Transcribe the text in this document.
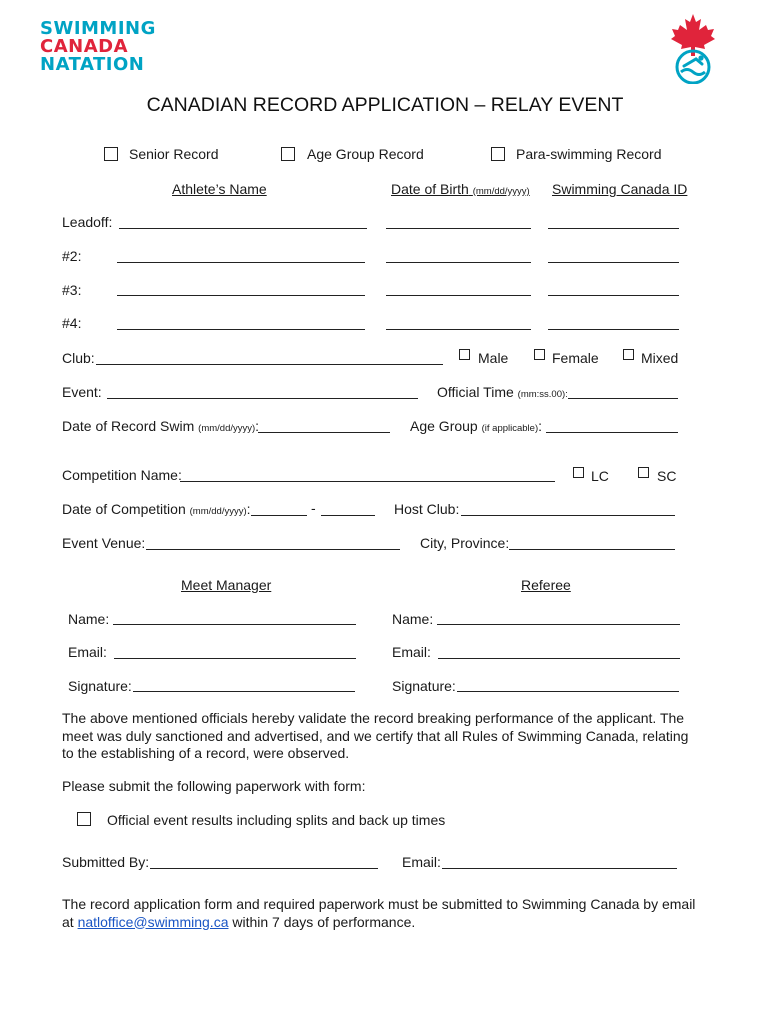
SWIMMING
CANADA
NATATION
CANADIAN RECORD APPLICATION – RELAY EVENT
Senior Record	Age Group Record	Para-swimming Record
Athlete’s Name	Date of Birth (mm/dd/yyyy) Swimming Canada ID
Leadoff:
#2:
#3:
#4:
Club:	Male	Female	Mixed
Event:	Official Time (mm:ss.00):
Date of Record Swim (mm/dd/yyyy):	Age Group (if applicable):
Competition Name:	LC	SC
Date of Competition (mm/dd/yyyy):	-	Host Club:
Event Venue:	City, Province:
Meet Manager	Referee
Name:	Name:
Email:	Email:
Signature:	Signature:
The above mentioned officials hereby validate the record breaking performance of the applicant. The meet was duly sanctioned and advertised, and we certify that all Rules of Swimming Canada, relating to the establishing of a record, were observed.
Please submit the following paperwork with form:
Official event results including splits and back up times
Submitted By:	Email:
The record application form and required paperwork must be submitted to Swimming Canada by email
at natloffice@swimming.ca within 7 days of performance.
